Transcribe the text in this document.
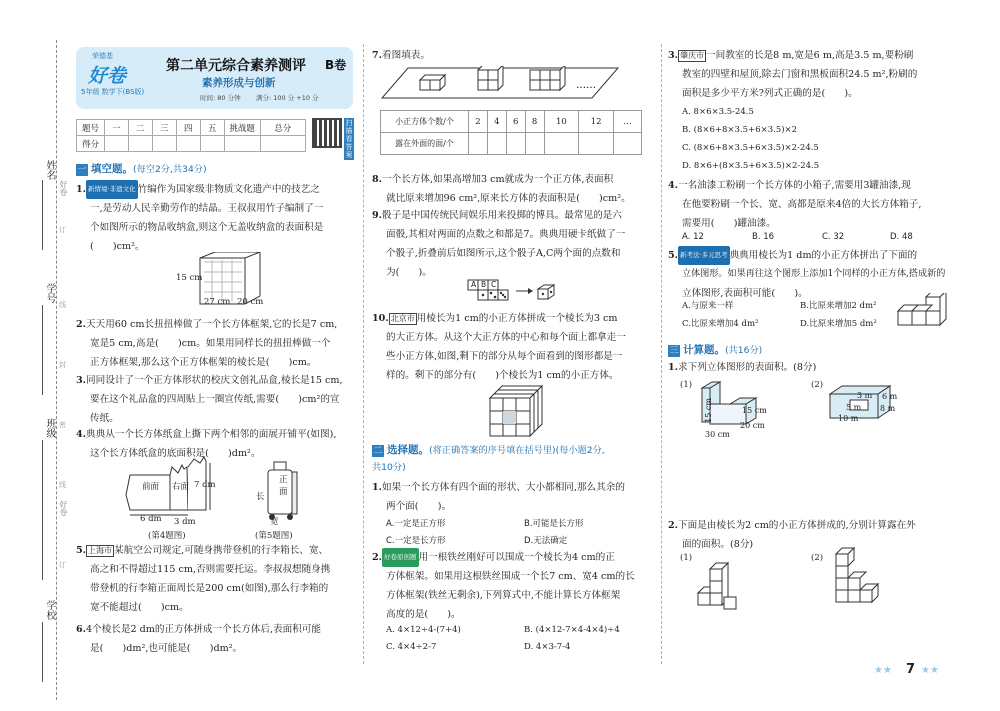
姓名
学号
班级
学校
好卷
订
线
封
密
线
好卷
订
荣德基
好卷
5年级 数学下(BS版)
第二单元综合素养测评 B卷
素养形成与创新
时间: 80 分钟 满分: 100 分 +10 分
题号	一	二	三	四	五	挑战题	总分
得分							
扫描看答案
一 填空题。(每空2分,共34分)
1. 新情境·非遗文化 竹编作为国家级非物质文化遗产中的技艺之
一,是劳动人民辛勤劳作的结晶。王叔叔用竹子编制了一
个如图所示的物品收纳盒,则这个无盖收纳盒的表面积是
(　　)cm²。
15 cm
27 cm 20 cm
2.天天用60 cm长扭扭棒做了一个长方体框架,它的长是7 cm,
宽是5 cm,高是(　　)cm。如果用同样长的扭扭棒做一个
正方体框架,那么这个正方体框架的棱长是(　　)cm。
3.同同设计了一个正方体形状的校庆文创礼品盒,棱长是15 cm,
要在这个礼品盒的四周贴上一圈宣传纸,需要(　　)cm²的宣
传纸。
4.典典从一个长方体纸盒上撕下两个相邻的面展开铺平(如图),
这个长方体纸盒的底面积是(　　)dm²。
前面 右面 7 dm
6 dm 3 dm
(第4题图)
正面
长
宽
(第5题图)
5. 上海市 某航空公司规定,可随身携带登机的行李箱长、宽、
高之和不得超过115 cm,否则需要托运。李叔叔想随身携
带登机的行李箱正面周长是200 cm(如图),那么行李箱的
宽不能超过(　　)cm。
6.4个棱长是2 dm的正方体拼成一个长方体后,表面积可能
是(　　)dm²,也可能是(　　)dm²。
7.看图填表。
……
小正方体个数/个	2	4	6	8	10	12	…
露在外面的面/个							
8.一个长方体,如果高增加3 cm就成为一个正方体,表面积
就比原来增加96 cm²,原来长方体的表面积是(　　)cm²。
9.骰子是中国传统民间娱乐用来投掷的博具。最常见的是六
面骰,其相对两面的点数之和都是7。典典用硬卡纸做了一
个骰子,折叠前后如图所示,这个骰子A,C两个面的点数和
为(　　)。
A B C
10. 北京市 用棱长为1 cm的小正方体拼成一个棱长为3 cm
的大正方体。从这个大正方体的中心和每个面上都拿走一
些小正方体,如图,剩下的部分从每个面看到的图形都是一
样的。剩下的部分有(　　)个棱长为1 cm的小正方体。
二 选择题。(将正确答案的序号填在括号里)(每小题2分,
共10分)
1.如果一个长方体有四个面的形状、大小都相同,那么其余的
两个面(　　)。
A.一定是正方形	B.可能是长方形
C.一定是长方形	D.无法确定
2. 好卷原创题 用一根铁丝刚好可以围成一个棱长为4 cm的正
方体框架。如果用这根铁丝围成一个长7 cm、宽4 cm的长
方体框架(铁丝无剩余),下列算式中,不能计算长方体框架
高度的是(　　)。
A. 4×12÷4-(7+4)	B. (4×12-7×4-4×4)÷4
C. 4×4÷2-7	D. 4×3-7-4
3. 肇庆市 一间教室的长是8 m,宽是6 m,高是3.5 m,要粉刷
教室的四壁和屋顶,除去门窗和黑板面积24.5 m²,粉刷的
面积是多少平方米?列式正确的是(　　)。
A. 8×6×3.5-24.5
B. (8×6+8×3.5+6×3.5)×2
C. (8×6+8×3.5+6×3.5)×2-24.5
D. 8×6+(8×3.5+6×3.5)×2-24.5
4.一名油漆工粉刷一个长方体的小箱子,需要用3罐油漆,现
在他要粉刷一个长、宽、高都是原来4倍的大长方体箱子,
需要用(　　)罐油漆。
A. 12	B. 16	C. 32	D. 48
5. 新考法·多元思考 典典用棱长为1 dm的小正方体拼出了下面的
立体图形。如果再往这个图形上添加1个同样的小正方体,搭成新的
立体图形,表面积可能(　　)。
A.与原来一样	B.比原来增加2 dm²
C.比原来增加4 dm²	D.比原来增加5 dm²
三 计算题。(共16分)
1.求下列立体图形的表面积。(8分)
(1)
15 cm	15 cm
20 cm
30 cm
(2)
3 m
5 m
6 m
8 m
10 m
2.下面是由棱长为2 cm的小正方体拼成的,分别计算露在外
面的面积。(8分)
(1)	(2)
★★ 7 ★★
